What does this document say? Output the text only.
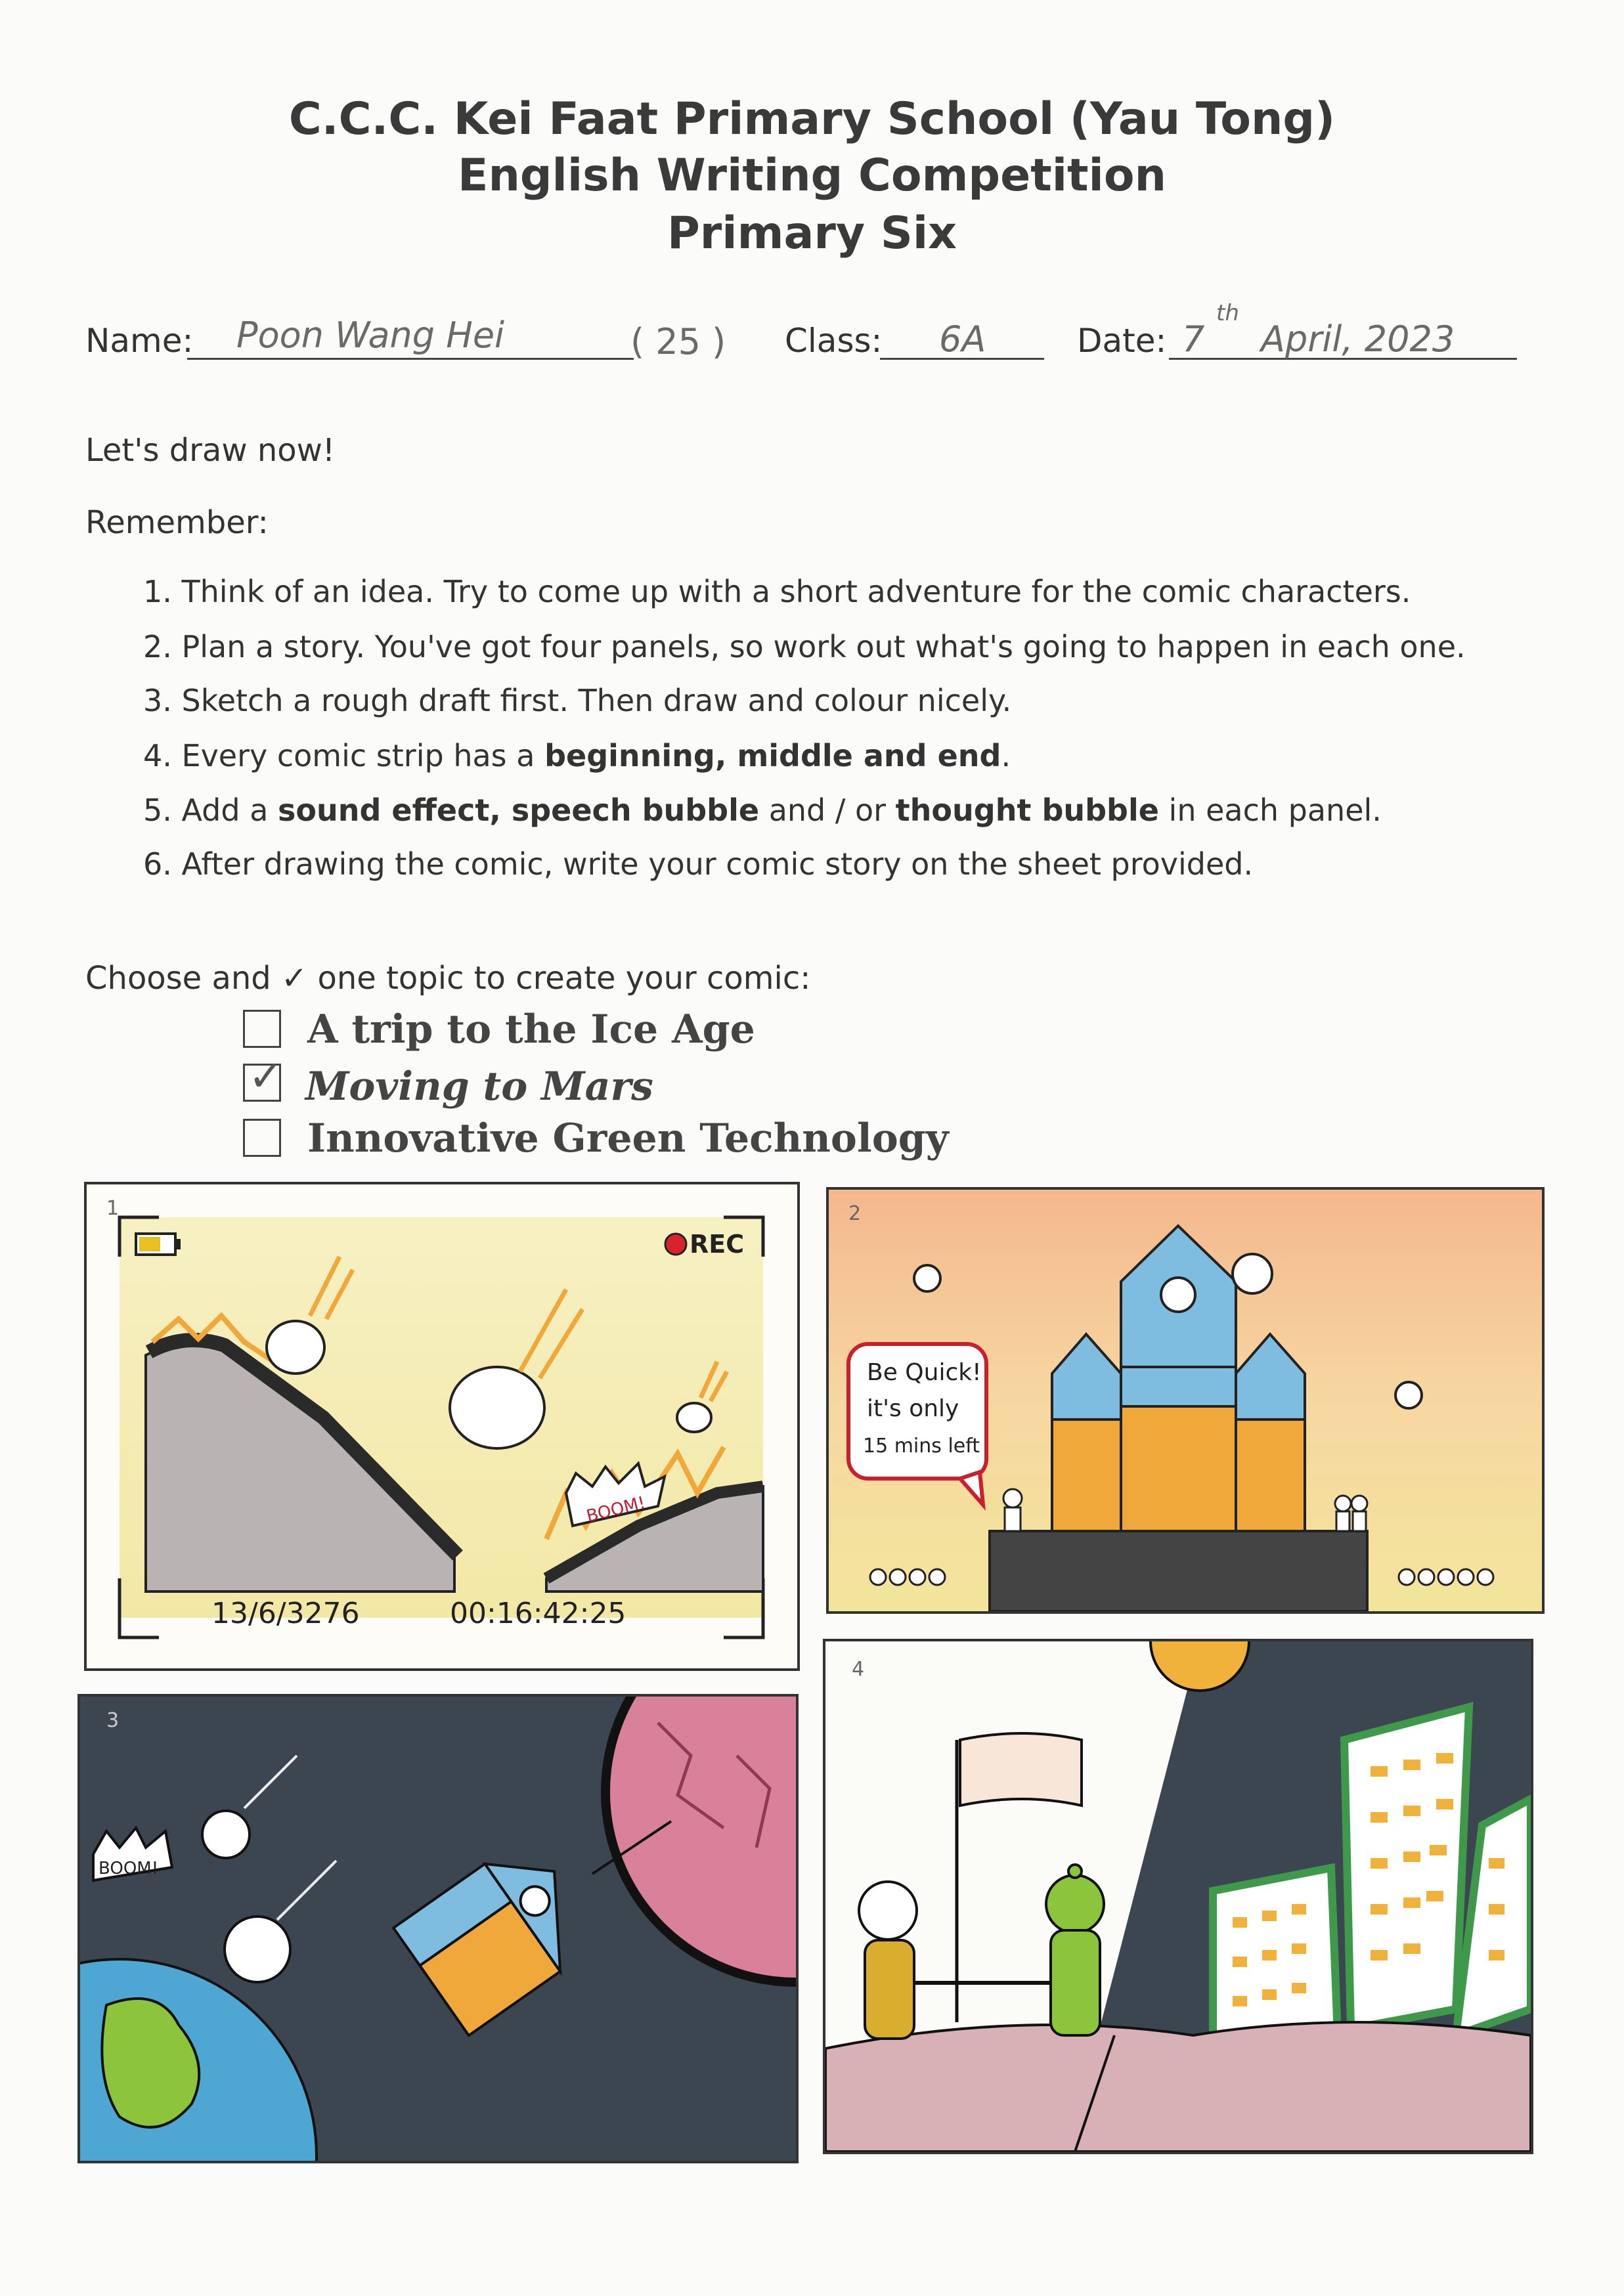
C.C.C. Kei Faat Primary School (Yau Tong)
English Writing Competition
Primary Six
Name: Poon Wang Hei	( 25 ) Class: 6A	Date: 7
th
April, 2023
Let's draw now!
Remember:
1. Think of an idea. Try to come up with a short adventure for the comic characters.
2. Plan a story. You've got four panels, so work out what's going to happen in each one.
3. Sketch a rough draft first. Then draw and colour nicely.
4. Every comic strip has a beginning, middle and end.
5. Add a sound effect, speech bubble and / or thought bubble in each panel.
6. After drawing the comic, write your comic story on the sheet provided.
Choose and ✓ one topic to create your comic:
A trip to the Ice Age
✓ Moving to Mars
Innovative Green Technology
REC
BOOM!
13/6/3276	00:16:42:25
1
Be Quick!
it's only
15 mins left
2
BOOM!
3
4
